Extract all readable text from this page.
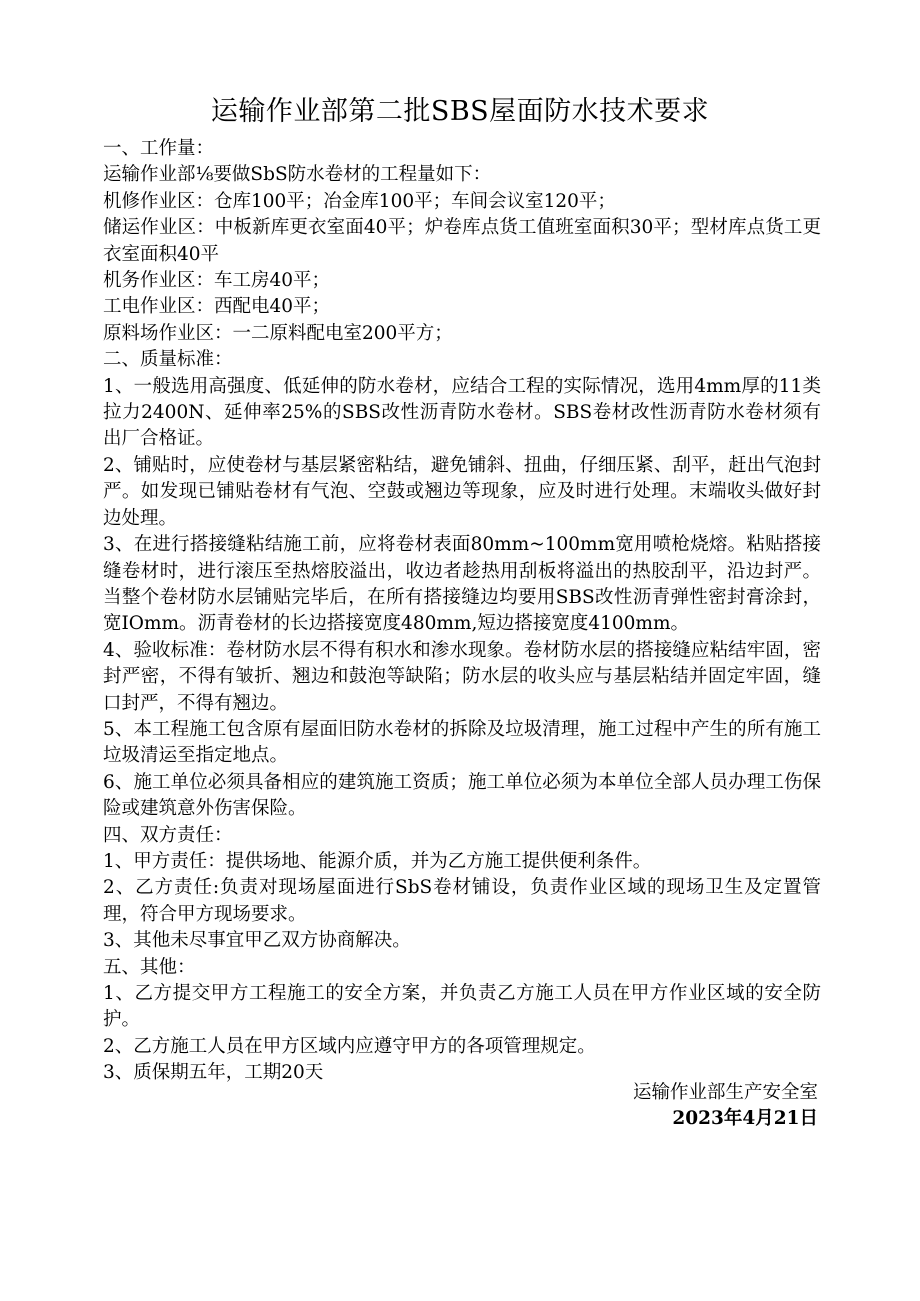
运输作业部第二批SBS屋面防水技术要求
一、工作量：
运输作业部⅛要做SbS防水卷材的工程量如下：
机修作业区：仓库100平；冶金库100平；车间会议室120平；
储运作业区：中板新库更衣室面40平；炉卷库点货工值班室面积30平；型材库点货工更衣室面积40平
机务作业区：车工房40平；
工电作业区：西配电40平；
原料场作业区：一二原料配电室200平方；
二、质量标准：
1、一般选用高强度、低延伸的防水卷材，应结合工程的实际情况，选用4mm厚的11类拉力2400N、延伸率25%的SBS改性沥青防水卷材。SBS卷材改性沥青防水卷材须有出厂合格证。
2、铺贴时，应使卷材与基层紧密粘结，避免铺斜、扭曲，仔细压紧、刮平，赶出气泡封严。如发现已铺贴卷材有气泡、空鼓或翘边等现象，应及时进行处理。末端收头做好封边处理。
3、在进行搭接缝粘结施工前，应将卷材表面80mm~100mm宽用喷枪烧熔。粘贴搭接缝卷材时，进行滚压至热熔胶溢出，收边者趁热用刮板将溢出的热胶刮平，沿边封严。当整个卷材防水层铺贴完毕后，在所有搭接缝边均要用SBS改性沥青弹性密封膏涂封，宽IOmm。沥青卷材的长边搭接宽度480mm,短边搭接宽度4100mm。
4、验收标准：卷材防水层不得有积水和渗水现象。卷材防水层的搭接缝应粘结牢固，密封严密，不得有皱折、翘边和鼓泡等缺陷；防水层的收头应与基层粘结并固定牢固，缝口封严，不得有翘边。
5、本工程施工包含原有屋面旧防水卷材的拆除及垃圾清理，施工过程中产生的所有施工垃圾清运至指定地点。
6、施工单位必须具备相应的建筑施工资质；施工单位必须为本单位全部人员办理工伤保险或建筑意外伤害保险。
四、双方责任：
1、甲方责任：提供场地、能源介质，并为乙方施工提供便利条件。
2、乙方责任:负责对现场屋面进行SbS卷材铺设，负责作业区域的现场卫生及定置管理，符合甲方现场要求。
3、其他未尽事宜甲乙双方协商解决。
五、其他：
1、乙方提交甲方工程施工的安全方案，并负责乙方施工人员在甲方作业区域的安全防护。
2、乙方施工人员在甲方区域内应遵守甲方的各项管理规定。
3、质保期五年，工期20天
运输作业部生产安全室
2023年4月21日
